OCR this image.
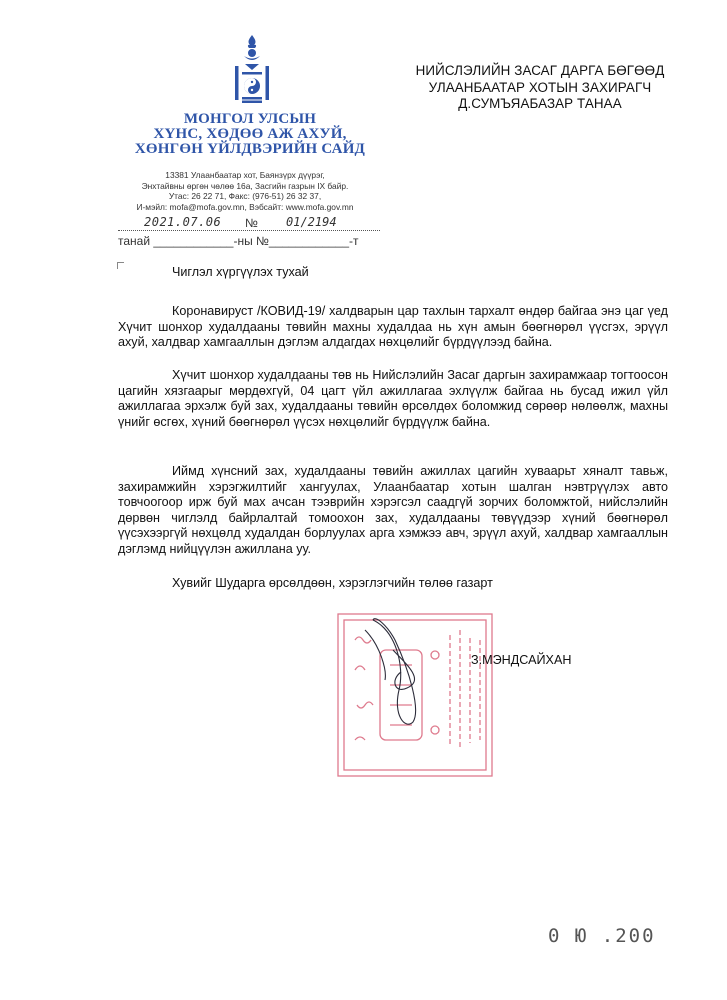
МОНГОЛ УЛСЫН
ХҮНС, ХӨДӨӨ АЖ АХУЙ,
ХӨНГӨН ҮЙЛДВЭРИЙН САЙД
13381 Улаанбаатар хот, Баянзүрх дүүрэг,
Энхтайвны өргөн чөлөө 16а, Засгийн газрын IX байр.
Утас: 26 22 71, Факс: (976-51) 26 32 37,
И-мэйл: mofa@mofa.gov.mn, Вэбсайт: www.mofa.gov.mn
2021.07.06 № 01/2194
танай ____________-ны №____________-т
НИЙСЛЭЛИЙН ЗАСАГ ДАРГА БӨГӨӨД
УЛААНБААТАР ХОТЫН ЗАХИРАГЧ
Д.СУМЪЯАБАЗАР ТАНАА
Чиглэл хүргүүлэх тухай
Коронавируст /КОВИД-19/ халдварын цар тахлын тархалт өндөр байгаа энэ цаг үед Хүчит шонхор худалдааны төвийн махны худалдаа нь хүн амын бөөгнөрөл үүсгэх, эрүүл ахуй, халдвар хамгааллын дэглэм алдагдах нөхцөлийг бүрдүүлээд байна.
Хүчит шонхор худалдааны төв нь Нийслэлийн Засаг даргын захирамжаар тогтоосон цагийн хязгаарыг мөрдөхгүй, 04 цагт үйл ажиллагаа эхлүүлж байгаа нь бусад ижил үйл ажиллагаа эрхэлж буй зах, худалдааны төвийн өрсөлдөх боломжид сөрөөр нөлөөлж, махны үнийг өсгөх, хүний бөөгнөрөл үүсэх нөхцөлийг бүрдүүлж байна.
Иймд хүнсний зах, худалдааны төвийн ажиллах цагийн хуваарьт хяналт тавьж, захирамжийн хэрэгжилтийг хангуулах, Улаанбаатар хотын шалган нэвтрүүлэх авто товчоогоор ирж буй мах ачсан тээврийн хэрэгсэл саадгүй зорчих боломжтой, нийслэлийн дөрвөн чиглэлд байрлалтай томоохон зах, худалдааны төвүүдээр хүний бөөгнөрөл үүсэхээргүй нөхцөлд худалдан борлуулах арга хэмжээ авч, эрүүл ахуй, халдвар хамгааллын дэглэмд нийцүүлэн ажиллана уу.
Хувийг Шударга өрсөлдөөн, хэрэглэгчийн төлөө газарт
З.МЭНДСАЙХАН
0 Ю .200
